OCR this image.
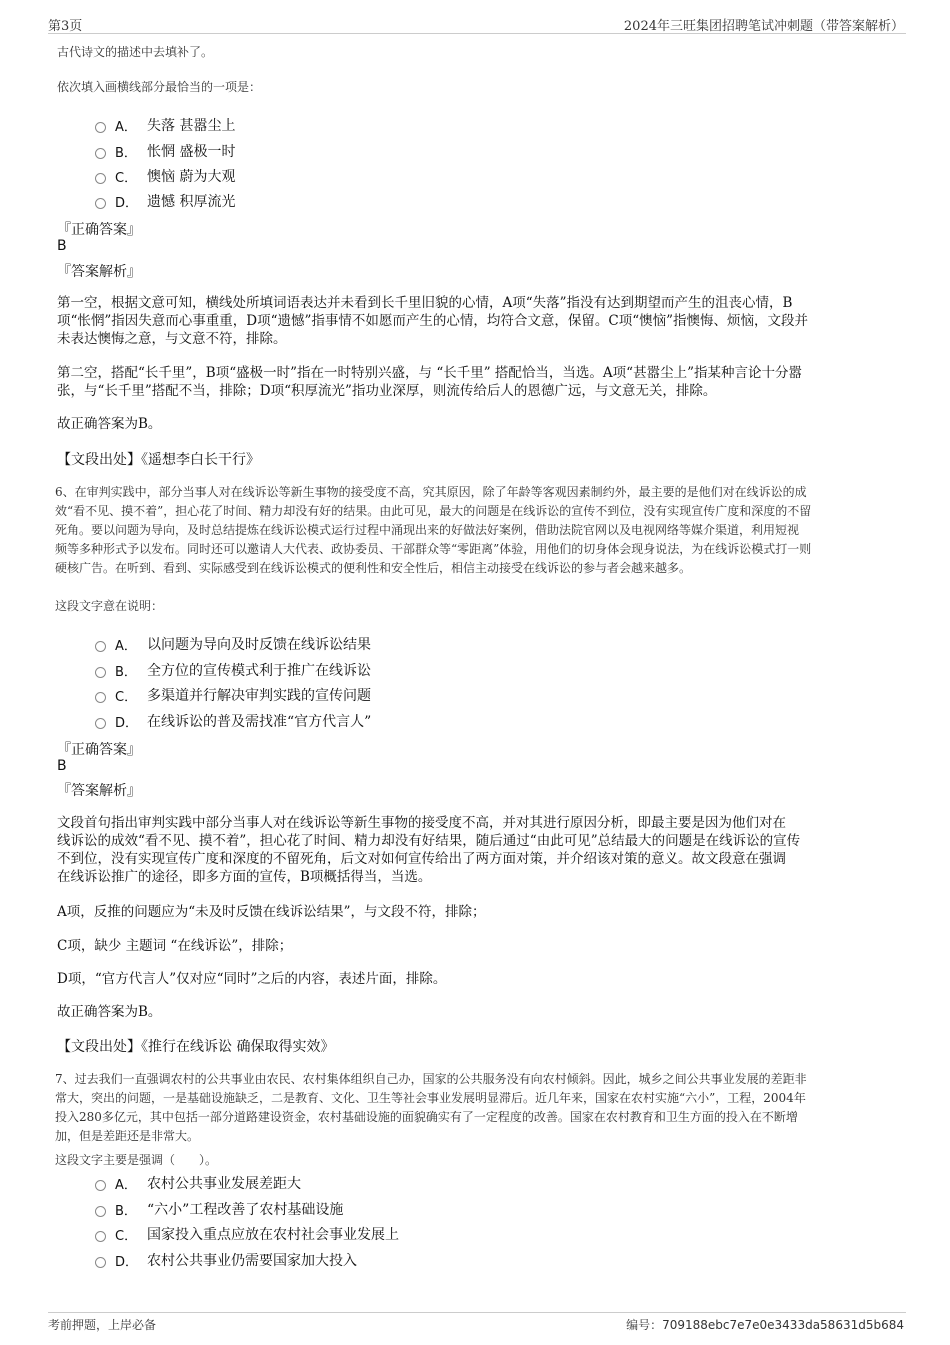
第3页	2024年三旺集团招聘笔试冲刺题（带答案解析）
古代诗文的描述中去填补了。
依次填入画横线部分最恰当的一项是：
A． 失落 甚嚣尘上
B． 怅惘 盛极一时
C． 懊恼 蔚为大观
D． 遗憾 积厚流光
『正确答案』
B
『答案解析』
第一空，根据文意可知，横线处所填词语表达并未看到长千里旧貌的心情，A项“失落”指没有达到期望而产生的沮丧心情，B
项“怅惘”指因失意而心事重重，D项“遗憾”指事情不如愿而产生的心情，均符合文意，保留。C项“懊恼”指懊悔、烦恼，文段并
未表达懊悔之意，与文意不符，排除。
第二空，搭配“长千里”，B项“盛极一时”指在一时特别兴盛，与 “长千里” 搭配恰当，当选。A项“甚嚣尘上”指某种言论十分嚣
张，与“长千里”搭配不当，排除；D项“积厚流光”指功业深厚，则流传给后人的恩德广远，与文意无关，排除。
故正确答案为B。
【文段出处】《遥想李白长干行》
6、在审判实践中，部分当事人对在线诉讼等新生事物的接受度不高，究其原因，除了年龄等客观因素制约外，最主要的是他们对在线诉讼的成
效“看不见、摸不着”，担心花了时间、精力却没有好的结果。由此可见，最大的问题是在线诉讼的宣传不到位，没有实现宣传广度和深度的不留
死角。要以问题为导向，及时总结提炼在线诉讼模式运行过程中涌现出来的好做法好案例，借助法院官网以及电视网络等媒介渠道，利用短视
频等多种形式予以发布。同时还可以邀请人大代表、政协委员、干部群众等“零距离”体验，用他们的切身体会现身说法，为在线诉讼模式打一则
硬核广告。在听到、看到、实际感受到在线诉讼模式的便利性和安全性后，相信主动接受在线诉讼的参与者会越来越多。
这段文字意在说明：
A． 以问题为导向及时反馈在线诉讼结果
B． 全方位的宣传模式利于推广在线诉讼
C． 多渠道并行解决审判实践的宣传问题
D． 在线诉讼的普及需找准“官方代言人”
『正确答案』
B
『答案解析』
文段首句指出审判实践中部分当事人对在线诉讼等新生事物的接受度不高，并对其进行原因分析，即最主要是因为他们对在
线诉讼的成效“看不见、摸不着”，担心花了时间、精力却没有好结果，随后通过“由此可见”总结最大的问题是在线诉讼的宣传
不到位，没有实现宣传广度和深度的不留死角，后文对如何宣传给出了两方面对策，并介绍该对策的意义。故文段意在强调
在线诉讼推广的途径，即多方面的宣传，B项概括得当，当选。
A项，反推的问题应为“未及时反馈在线诉讼结果”，与文段不符，排除；
C项，缺少 主题词 “在线诉讼”，排除；
D项，“官方代言人”仅对应“同时”之后的内容，表述片面，排除。
故正确答案为B。
【文段出处】《推行在线诉讼 确保取得实效》
7、过去我们一直强调农村的公共事业由农民、农村集体组织自己办，国家的公共服务没有向农村倾斜。因此，城乡之间公共事业发展的差距非
常大，突出的问题，一是基础设施缺乏，二是教育、文化、卫生等社会事业发展明显滞后。近几年来，国家在农村实施“六小”，工程，2004年
投入280多亿元，其中包括一部分道路建设资金，农村基础设施的面貌确实有了一定程度的改善。国家在农村教育和卫生方面的投入在不断增
加，但是差距还是非常大。
这段文字主要是强调（　　）。
A． 农村公共事业发展差距大
B． “六小”工程改善了农村基础设施
C． 国家投入重点应放在农村社会事业发展上
D． 农村公共事业仍需要国家加大投入
考前押题，上岸必备	编号：709188ebc7e7e0e3433da58631d5b684
